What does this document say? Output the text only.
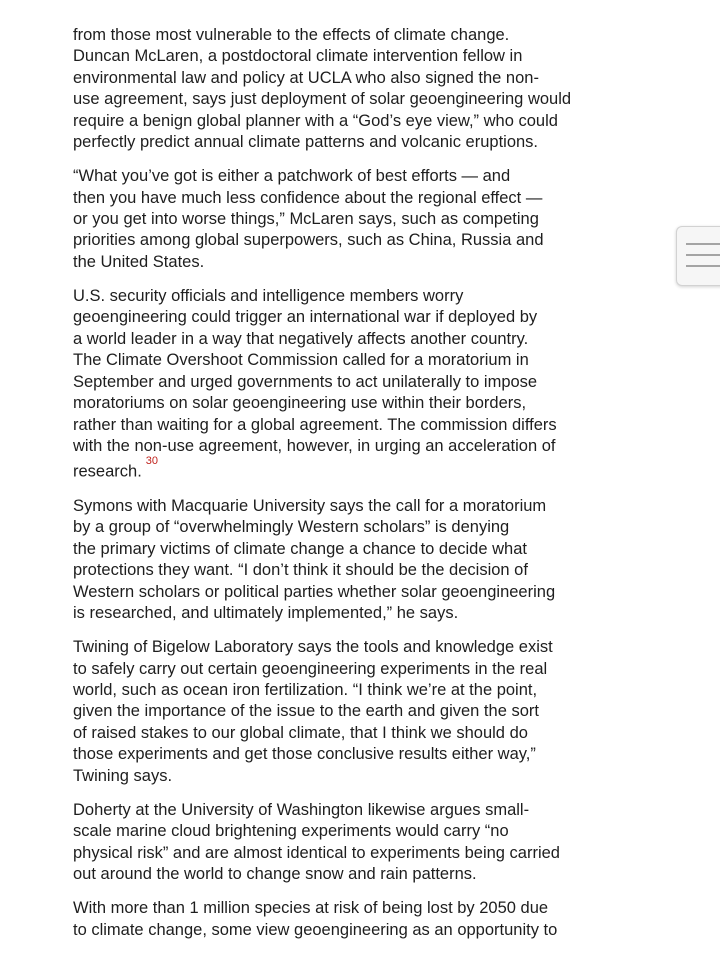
from those most vulnerable to the effects of climate change.
Duncan McLaren, a postdoctoral climate intervention fellow in
environmental law and policy at UCLA who also signed the non-
use agreement, says just deployment of solar geoengineering would
require a benign global planner with a “God’s eye view,” who could
perfectly predict annual climate patterns and volcanic eruptions.

“What you’ve got is either a patchwork of best efforts — and
then you have much less confidence about the regional effect —
or you get into worse things,” McLaren says, such as competing
priorities among global superpowers, such as China, Russia and
the United States.

U.S. security officials and intelligence members worry
geoengineering could trigger an international war if deployed by
a world leader in a way that negatively affects another country.
The Climate Overshoot Commission called for a moratorium in
September and urged governments to act unilaterally to impose
moratoriums on solar geoengineering use within their borders,
rather than waiting for a global agreement. The commission differs
with the non-use agreement, however, in urging an acceleration of
research.$^{30}$

Symons with Macquarie University says the call for a moratorium
by a group of “overwhelmingly Western scholars” is denying
the primary victims of climate change a chance to decide what
protections they want. “I don’t think it should be the decision of
Western scholars or political parties whether solar geoengineering
is researched, and ultimately implemented,” he says.

Twining of Bigelow Laboratory says the tools and knowledge exist
to safely carry out certain geoengineering experiments in the real
world, such as ocean iron fertilization. “I think we’re at the point,
given the importance of the issue to the earth and given the sort
of raised stakes to our global climate, that I think we should do
those experiments and get those conclusive results either way,”
Twining says.

Doherty at the University of Washington likewise argues small-
scale marine cloud brightening experiments would carry “no
physical risk” and are almost identical to experiments being carried
out around the world to change snow and rain patterns.

With more than 1 million species at risk of being lost by 2050 due
to climate change, some view geoengineering as an opportunity to
